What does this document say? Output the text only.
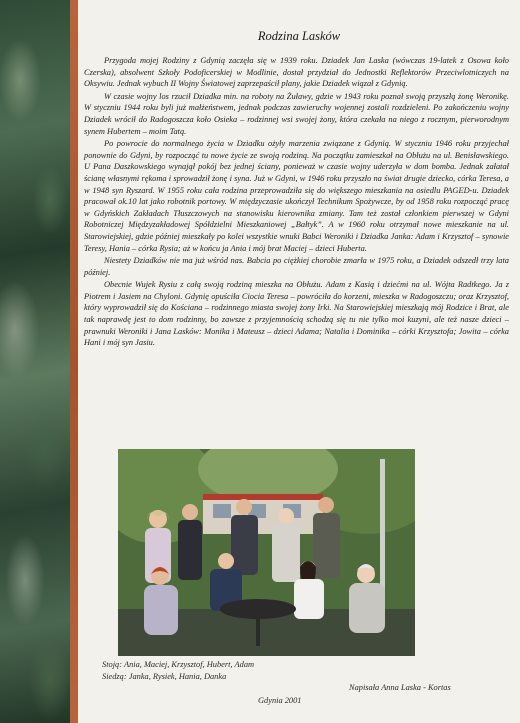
Rodzina Lasków

Przygoda mojej Rodziny z Gdynią zaczęła się w 1939 roku. Dziadek Jan Laska (wówczas 19-latek z Osowa koło Czerska), absolwent Szkoły Podoficerskiej w Modlinie, dostał przydział do Jednostki Reflektorów Przeciwlotniczych na Oksywiu. Jednak wybuch II Wojny Światowej zaprzepaścił plany, jakie Dziadek wiązał z Gdynią.

W czasie wojny los rzucił Dziadka min. na roboty na Żuławy, gdzie w 1943 roku poznał swoją przyszłą żonę Weronikę. W styczniu 1944 roku byli już małżeństwem, jednak podczas zawieruchy wojennej zostali rozdzieleni. Po zakończeniu wojny Dziadek wrócił do Radogoszcza koło Osieka – rodzinnej wsi swojej żony, która czekała na niego z rocznym, pierworodnym synem Hubertem – moim Tatą.

Po powrocie do normalnego życia w Dziadku ożyły marzenia związane z Gdynią. W styczniu 1946 roku przyjechał ponownie do Gdyni, by rozpocząć tu nowe życie ze swoją rodziną. Na początku zamieszkał na Obłużu na ul. Benisławskiego. U Pana Daszkowskiego wynajął pokój bez jednej ściany, ponieważ w czasie wojny uderzyła w dom bomba. Jednak załatał ścianę własnymi rękoma i sprowadził żonę i syna. Już w Gdyni, w 1946 roku przyszło na świat drugie dziecko, córka Teresa, a w 1948 syn Ryszard. W 1955 roku cała rodzina przeprowadziła się do większego mieszkania na osiedlu PAGED-u. Dziadek pracował ok.10 lat jako robotnik portowy. W międzyczasie ukończył Technikum Spożywcze, by od 1958 roku rozpocząć pracę w Gdyńskich Zakładach Tłuszczowych na stanowisku kierownika zmiany. Tam też został członkiem pierwszej w Gdyni Robotniczej Międzyzakładowej Spółdzielni Mieszkaniowej „Bałtyk”. A w 1960 roku otrzymał nowe mieszkanie na ul. Starowiejskiej, gdzie później mieszkały po kolei wszystkie wnuki Babci Weroniki i Dziadka Janka: Adam i Krzysztof – synowie Teresy, Hania – córka Rysia; aż w końcu ja Ania i mój brat Maciej – dzieci Huberta.

Niestety Dziadków nie ma już wśród nas. Babcia po ciężkiej chorobie zmarła w 1975 roku, a Dziadek odszedł trzy lata później.

Obecnie Wujek Rysiu z całą swoją rodziną mieszka na Obłużu. Adam z Kasią i dziećmi na ul. Wójta Radtkego. Ja z Piotrem i Jasiem na Chyloni. Gdynię opuściła Ciocia Teresa – powróciła do korzeni, mieszka w Radogoszczu; oraz Krzysztof, który wyprowadził się do Kościana – rodzinnego miasta swojej żony Irki. Na Starowiejskiej mieszkają mój Rodzice i Brat, ale tak naprawdę jest to dom rodzinny, bo zawsze z przyjemnością schodzą się tu nie tylko moi kuzyni, ale też nasze dzieci – prawnuki Weroniki i Jana Lasków: Monika i Mateusz – dzieci Adama; Natalia i Dominika – córki Krzysztofa; Jowita – córka Hani i mój syn Jasiu.

Stoją: Ania, Maciej, Krzysztof, Hubert, Adam
Siedzą: Janka, Rysiek, Hania, Danka
Napisała Anna Laska - Kortas
Gdynia 2001
